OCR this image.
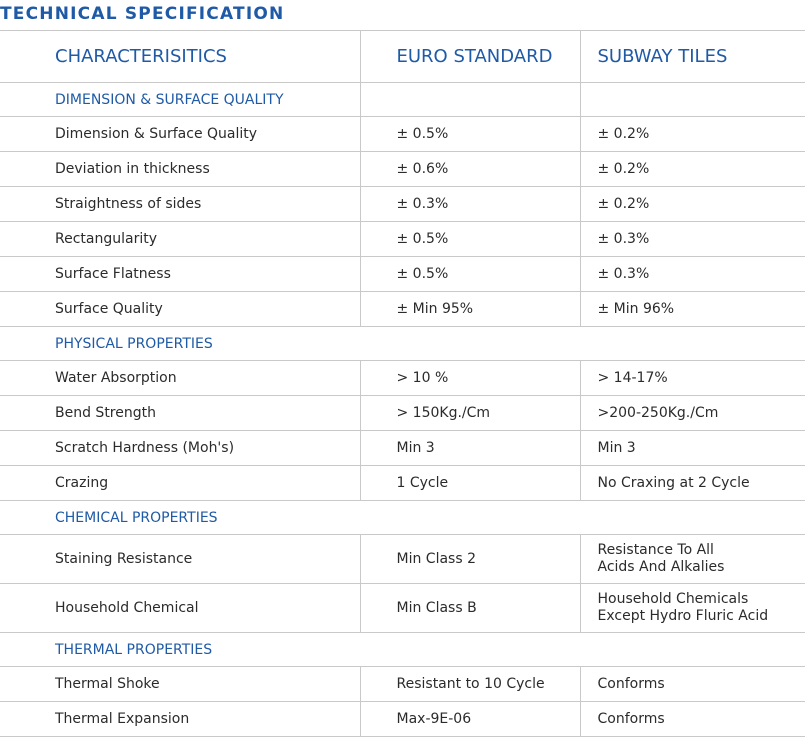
TECHNICAL SPECIFICATION
CHARACTERISITICS	EURO STANDARD	SUBWAY TILES
DIMENSION & SURFACE QUALITY		
Dimension & Surface Quality	± 0.5%	± 0.2%
Deviation in thickness	± 0.6%	± 0.2%
Straightness of sides	± 0.3%	± 0.2%
Rectangularity	± 0.5%	± 0.3%
Surface Flatness	± 0.5%	± 0.3%
Surface Quality	± Min 95%	± Min 96%
PHYSICAL PROPERTIES		
Water Absorption	> 10 %	> 14-17%
Bend Strength	> 150Kg./Cm	>200-250Kg./Cm
Scratch Hardness (Moh's)	Min 3	Min 3
Crazing	1 Cycle	No Craxing at 2 Cycle
CHEMICAL PROPERTIES		
Staining Resistance	Min Class 2	Resistance To All
Acids And Alkalies

Household Chemical	Min Class B	Household Chemicals
Except Hydro Fluric Acid

THERMAL PROPERTIES		
Thermal Shoke	Resistant to 10 Cycle	Conforms
Thermal Expansion	Max-9E-06	Conforms
